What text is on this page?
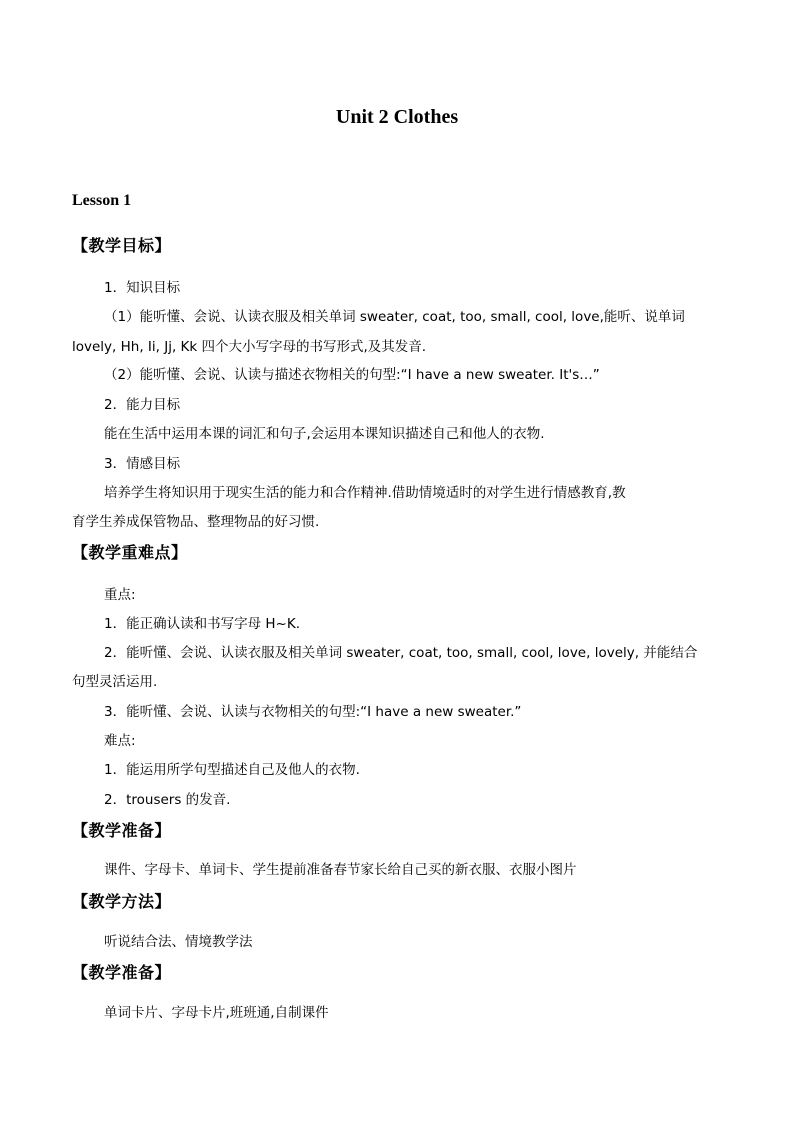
Unit 2 Clothes
Lesson 1
【教学目标】
1．知识目标
（1）能听懂、会说、认读衣服及相关单词 sweater, coat, too, small, cool, love,能听、说单词
lovely, Hh, Ii, Jj, Kk 四个大小写字母的书写形式,及其发音.
（2）能听懂、会说、认读与描述衣物相关的句型:“I have a new sweater. It's…”
2．能力目标
能在生活中运用本课的词汇和句子,会运用本课知识描述自己和他人的衣物.
3．情感目标
培养学生将知识用于现实生活的能力和合作精神.借助情境适时的对学生进行情感教育,教
育学生养成保管物品、整理物品的好习惯.
【教学重难点】
重点:
1．能正确认读和书写字母 H~K.
2．能听懂、会说、认读衣服及相关单词 sweater, coat, too, small, cool, love, lovely, 并能结合
句型灵活运用.
3．能听懂、会说、认读与衣物相关的句型:“I have a new sweater.”
难点:
1．能运用所学句型描述自己及他人的衣物.
2．trousers 的发音.
【教学准备】
课件、字母卡、单词卡、学生提前准备春节家长给自己买的新衣服、衣服小图片
【教学方法】
听说结合法、情境教学法
【教学准备】
单词卡片、字母卡片,班班通,自制课件
